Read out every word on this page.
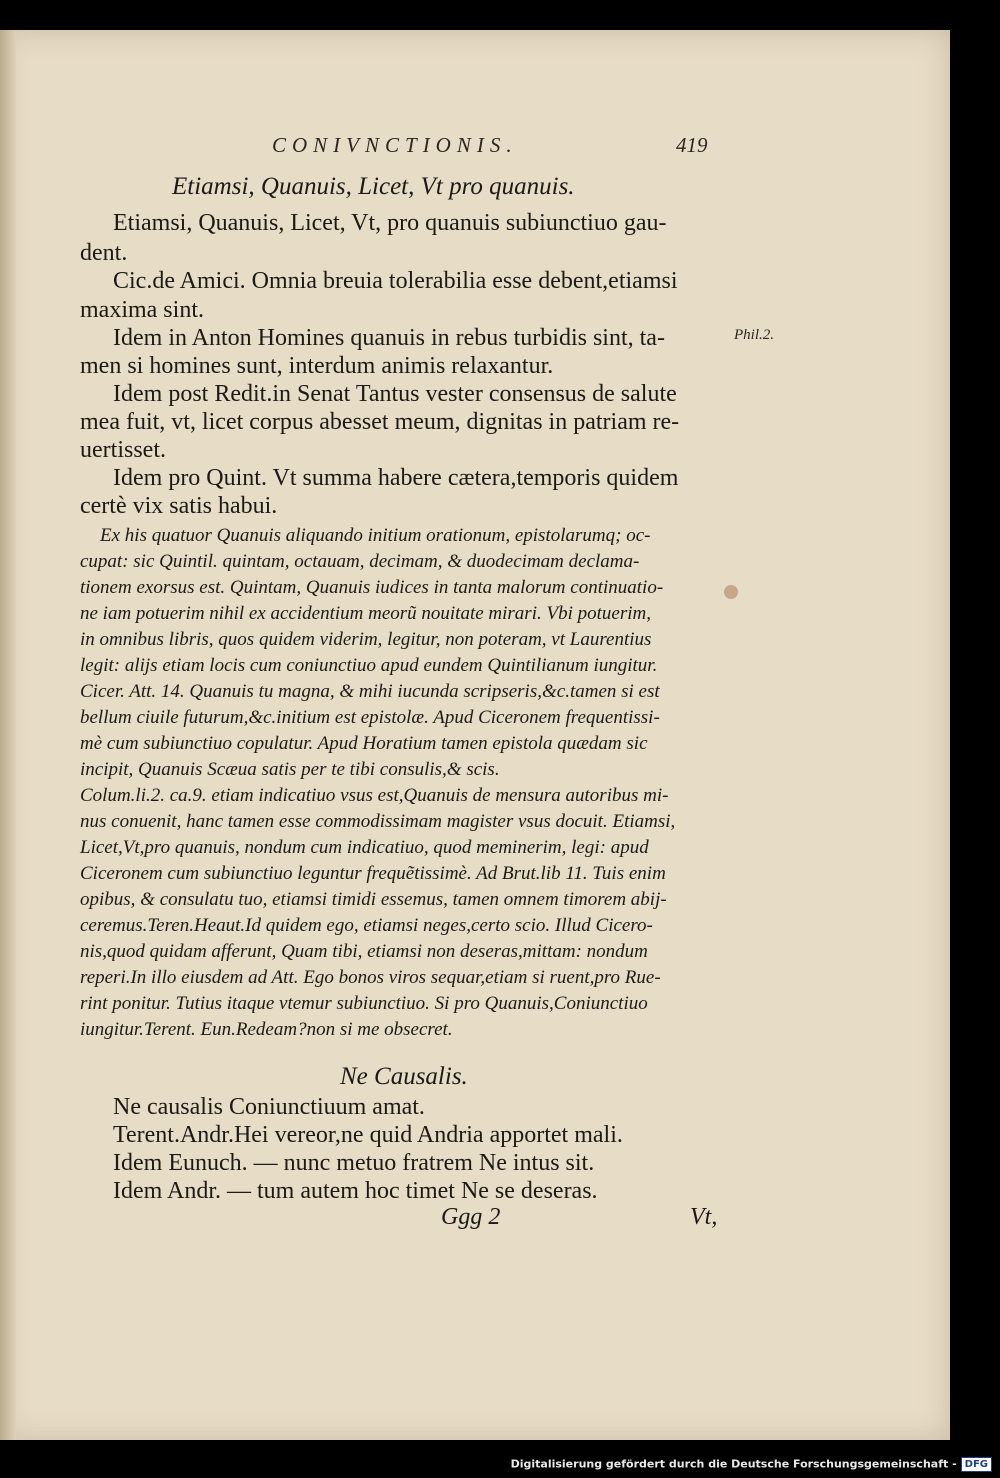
CONIVNCTIONIS.	419
Etiamsi, Quanuis, Licet, Vt pro quanuis.
Etiamsi, Quanuis, Licet, Vt, pro quanuis subiunctiuo gau-
dent.
Cic.de Amici. Omnia breuia tolerabilia esse debent,etiamsi
maxima sint.
Idem in Anton Homines quanuis in rebus turbidis sint, ta-
men si homines sunt, interdum animis relaxantur.
Idem post Redit.in Senat Tantus vester consensus de salute
mea fuit, vt, licet corpus abesset meum, dignitas in patriam re-
uertisset.
Idem pro Quint. Vt summa habere cætera,temporis quidem
certè vix satis habui.
Phil.2.
Ex his quatuor Quanuis aliquando initium orationum, epistolarumq; oc-
cupat: sic Quintil. quintam, octauam, decimam, & duodecimam declama-
tionem exorsus est. Quintam, Quanuis iudices in tanta malorum continuatio-
ne iam potuerim nihil ex accidentium meorũ nouitate mirari. Vbi potuerim,
in omnibus libris, quos quidem viderim, legitur, non poteram, vt Laurentius
legit: alijs etiam locis cum coniunctiuo apud eundem Quintilianum iungitur.
Cicer. Att. 14. Quanuis tu magna, & mihi iucunda scripseris,&c.tamen si est
bellum ciuile futurum,&c.initium est epistolæ. Apud Ciceronem frequentissi-
mè cum subiunctiuo copulatur. Apud Horatium tamen epistola quædam sic
incipit, Quanuis Scæua satis per te tibi consulis,& scis.
Colum.li.2. ca.9. etiam indicatiuo vsus est,Quanuis de mensura autoribus mi-
nus conuenit, hanc tamen esse commodissimam magister vsus docuit. Etiamsi,
Licet,Vt,pro quanuis, nondum cum indicatiuo, quod meminerim, legi: apud
Ciceronem cum subiunctiuo leguntur frequẽtissimè. Ad Brut.lib 11. Tuis enim
opibus, & consulatu tuo, etiamsi timidi essemus, tamen omnem timorem abij-
ceremus.Teren.Heaut.Id quidem ego, etiamsi neges,certo scio. Illud Cicero-
nis,quod quidam afferunt, Quam tibi, etiamsi non deseras,mittam: nondum
reperi.In illo eiusdem ad Att. Ego bonos viros sequar,etiam si ruent,pro Rue-
rint ponitur. Tutius itaque vtemur subiunctiuo. Si pro Quanuis,Coniunctiuo
iungitur.Terent. Eun.Redeam?non si me obsecret.
Ne Causalis.
Ne causalis Coniunctiuum amat.
Terent.Andr.Hei vereor,ne quid Andria apportet mali.
Idem Eunuch. — nunc metuo fratrem Ne intus sit.
Idem Andr. — tum autem hoc timet Ne se deseras.
Ggg 2	Vt,
Digitalisierung gefördert durch die Deutsche Forschungsgemeinschaft - DFG
